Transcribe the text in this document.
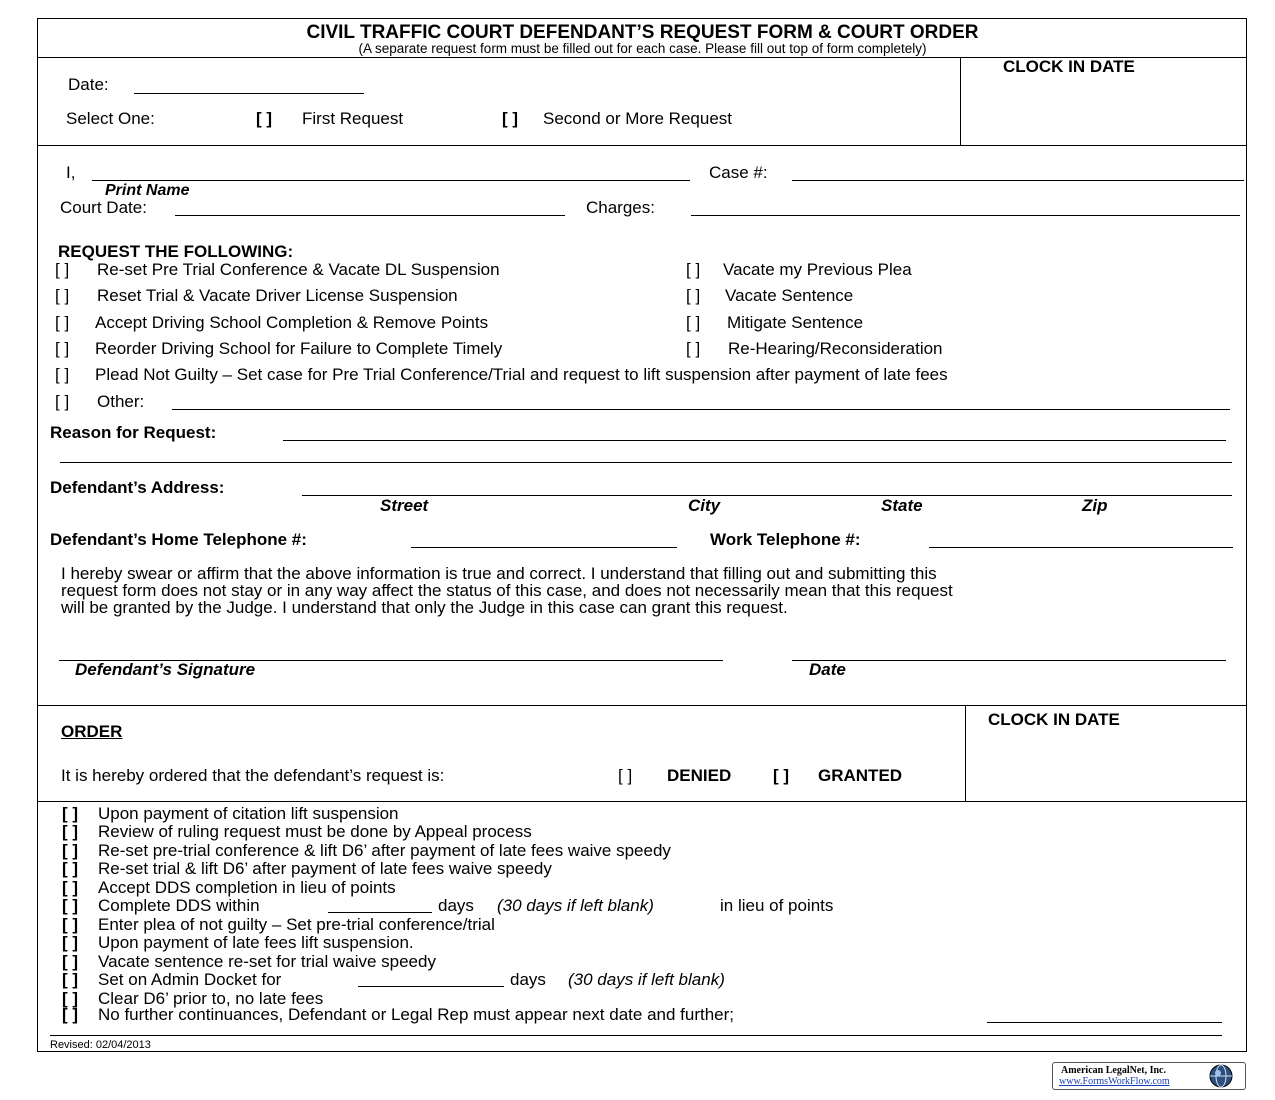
CIVIL TRAFFIC COURT DEFENDANT’S REQUEST FORM & COURT ORDER
(A separate request form must be filled out for each case. Please fill out top of form completely)
Date:
Select One:	[ ] First Request	[ ] Second or More Request
CLOCK IN DATE
I,
Print Name
Case #:
Court Date:	Charges:
REQUEST THE FOLLOWING:
[ ] Re-set Pre Trial Conference & Vacate DL Suspension
[ ] Reset Trial & Vacate Driver License Suspension
[ ] Accept Driving School Completion & Remove Points
[ ] Reorder Driving School for Failure to Complete Timely
[ ] Vacate my Previous Plea
[ ] Vacate Sentence
[ ] Mitigate Sentence
[ ] Re-Hearing/Reconsideration
[ ] Plead Not Guilty – Set case for Pre Trial Conference/Trial and request to lift suspension after payment of late fees
[ ] Other:
Reason for Request:
Defendant’s Address:
Street	City	State	Zip
Defendant’s Home Telephone #:	Work Telephone #:
I hereby swear or affirm that the above information is true and correct. I understand that filling out and submitting this
request form does not stay or in any way affect the status of this case, and does not necessarily mean that this request
will be granted by the Judge. I understand that only the Judge in this case can grant this request.
Defendant’s Signature	Date
ORDER
CLOCK IN DATE
It is hereby ordered that the defendant’s request is:	[ ] DENIED [ ] GRANTED
[ ] Upon payment of citation lift suspension
[ ] Review of ruling request must be done by Appeal process
[ ] Re-set pre-trial conference & lift D6’ after payment of late fees waive speedy
[ ] Re-set trial & lift D6’ after payment of late fees waive speedy
[ ] Accept DDS completion in lieu of points
[ ] Complete DDS within	days (30 days if left blank)	in lieu of points
[ ] Enter plea of not guilty – Set pre-trial conference/trial
[ ] Upon payment of late fees lift suspension.
[ ] Vacate sentence re-set for trial waive speedy
[ ] Set on Admin Docket for	days (30 days if left blank)
[ ] Clear D6’ prior to, no late fees
[ ] No further continuances, Defendant or Legal Rep must appear next date and further;
Revised: 02/04/2013
American LegalNet, Inc.
www.FormsWorkFlow.com
